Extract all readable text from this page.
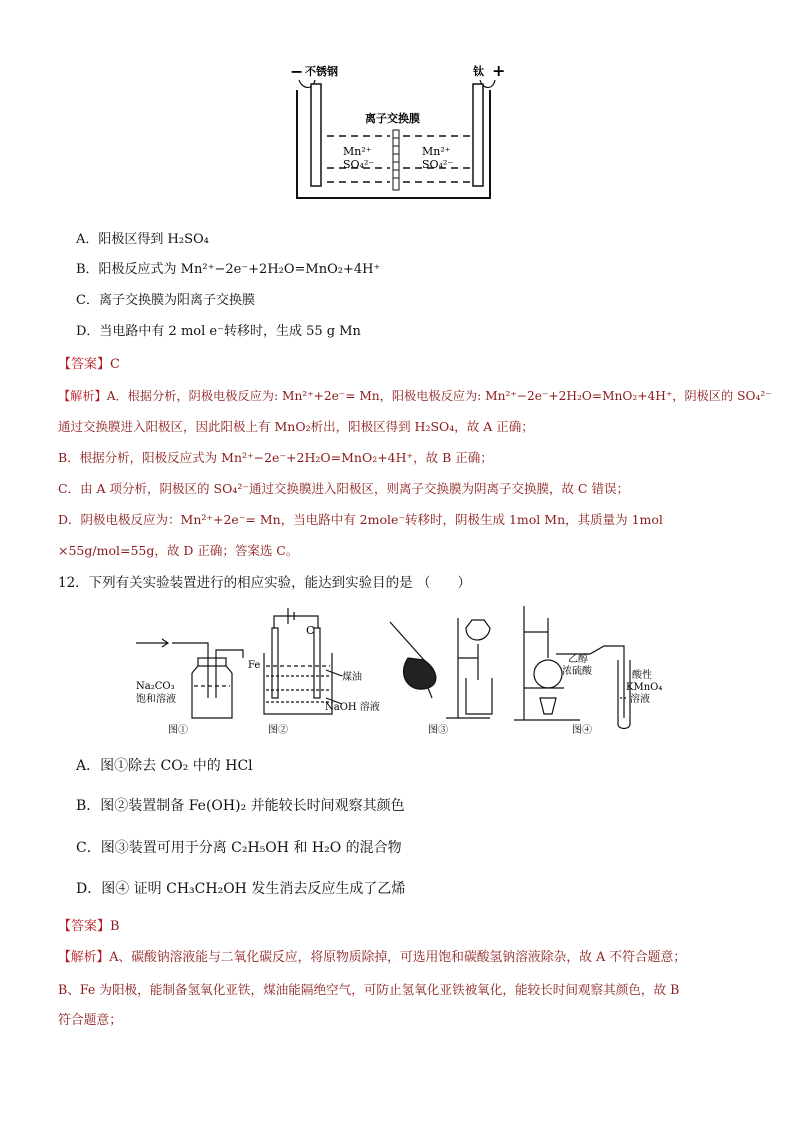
− 不锈钢	钛 +
离子交换膜
Mn²⁺
SO₄²⁻
Mn²⁺
SO₄²⁻
A．阳极区得到 H₂SO₄
B．阳极反应式为 Mn²⁺−2e⁻+2H₂O=MnO₂+4H⁺
C．离子交换膜为阳离子交换膜
D．当电路中有 2 mol e⁻转移时，生成 55 g Mn
【答案】C
【解析】A．根据分析，阴极电极反应为: Mn²⁺+2e⁻= Mn，阳极电极反应为: Mn²⁺−2e⁻+2H₂O=MnO₂+4H⁺，阴极区的 SO₄²⁻
通过交换膜进入阳极区，因此阳极上有 MnO₂析出，阳极区得到 H₂SO₄，故 A 正确；
B．根据分析，阳极反应式为 Mn²⁺−2e⁻+2H₂O=MnO₂+4H⁺，故 B 正确；
C．由 A 项分析，阴极区的 SO₄²⁻通过交换膜进入阳极区，则离子交换膜为阴离子交换膜，故 C 错误；
D．阴极电极反应为：Mn²⁺+2e⁻= Mn，当电路中有 2mole⁻转移时，阴极生成 1mol Mn，其质量为 1mol
×55g/mol=55g，故 D 正确；答案选 C。
12．下列有关实验装置进行的相应实验，能达到实验目的是 （　　）
Na₂CO₃
饱和溶液
图①
Fe
C
煤油
NaOH 溶液
图②	图③
乙醇
浓硫酸	酸性
KMnO₄
溶液
图④
A．图①除去 CO₂ 中的 HCl
B．图②装置制备 Fe(OH)₂ 并能较长时间观察其颜色
C．图③装置可用于分离 C₂H₅OH 和 H₂O 的混合物
D．图④ 证明 CH₃CH₂OH 发生消去反应生成了乙烯
【答案】B
【解析】A、碳酸钠溶液能与二氧化碳反应，将原物质除掉，可选用饱和碳酸氢钠溶液除杂，故 A 不符合题意；
B、Fe 为阳极，能制备氢氧化亚铁，煤油能隔绝空气，可防止氢氧化亚铁被氧化，能较长时间观察其颜色，故 B
符合题意；
